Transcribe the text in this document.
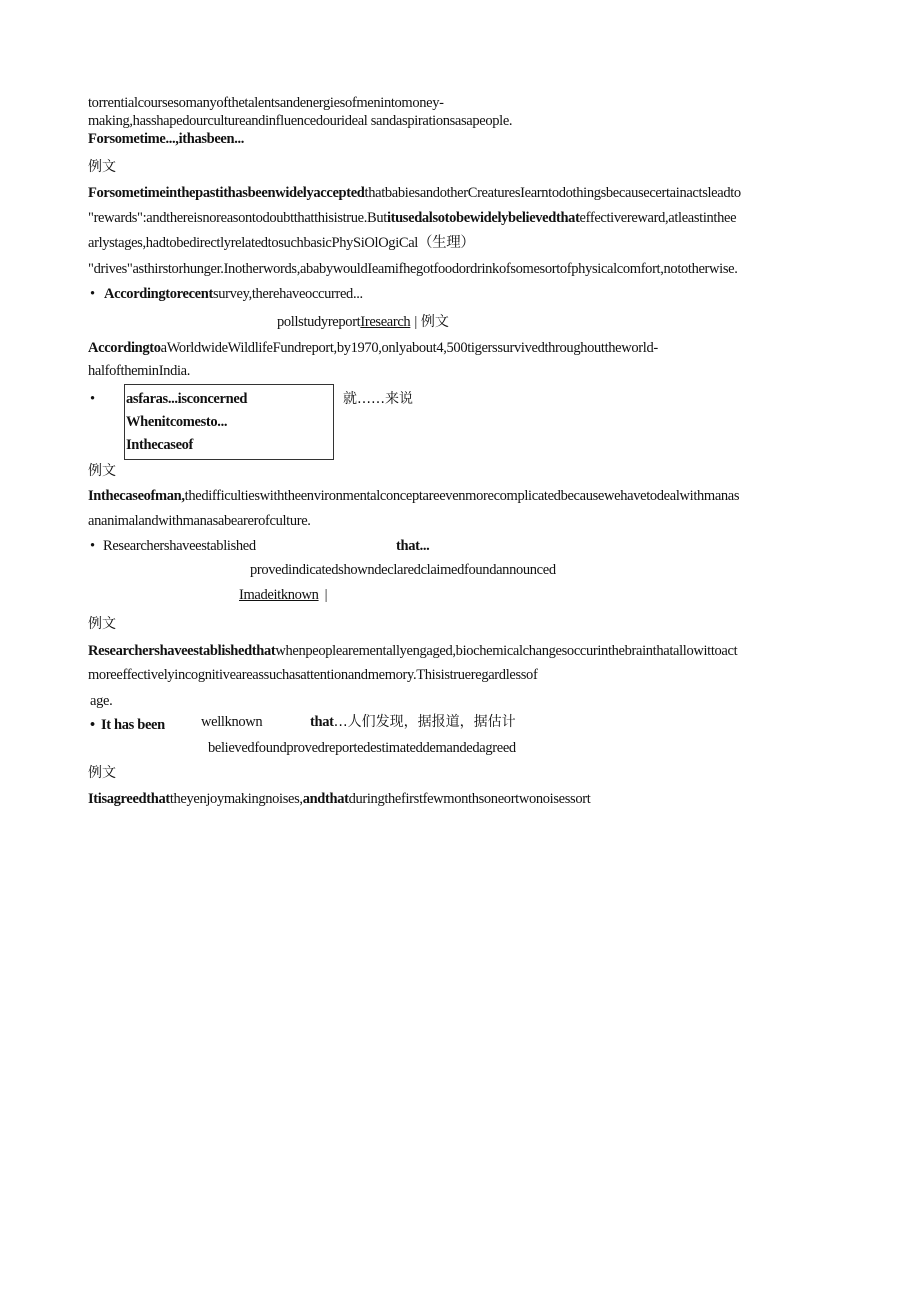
torrentialcoursesomanyofthetalentsandenergiesofmenintomoney-
making,hasshapedourcultureandinfluencedourideal sandaspirationsasapeople.
Forsometime...,ithasbeen...
例文
ForsometimeinthepastithasbeenwidelyacceptedthatbabiesandotherCreaturesIearntodothingsbecausecertainactsleadto
"rewards":andthereisnoreasontodoubtthatthisistrue.Butitusedalsotobewidelybelievedthateffectivereward,atleastinthee
arlystages,hadtobedirectlyrelatedtosuchbasicPhySiOlOgiCal（生理）
"drives"asthirstorhunger.Inotherwords,ababywouldIeamifhegotfoodordrinkofsomesortofphysicalcomfort,nototherwise.
• Accordingtorecentsurvey,therehaveoccurred...
pollstudyreportIresearch | 例文
AccordingtoaWorldwideWildlifeFundreport,by1970,onlyabout4,500tigerssurvivedthroughouttheworld-
halfoftheminIndia.
• asfaras...isconcerned
Whenitcomesto...
Inthecaseof
就……来说
例文
Inthecaseofman,thedifficultieswiththeenvironmentalconceptareevenmorecomplicatedbecausewehavetodealwithmanas
ananimalandwithmanasabearerofculture.
• Researchershaveestablished	that...
provedindicatedshowndeclaredclaimedfoundannounced
Imadeitknown |
例文
Researchershaveestablishedthatwhenpeoplearementallyengaged,biochemicalchangesoccurinthebrainthatallowittoact
moreeffectivelyincognitiveareassuchasattentionandmemory.Thisistrueregardlessof
age.
• It has been wellknown	that…人们发现，据报道，据估计
believedfoundprovedreportedestimateddemandedagreed
例文
Itisagreedthattheyenjoymakingnoises,andthatduringthefirstfewmonthsoneortwonoisessort
